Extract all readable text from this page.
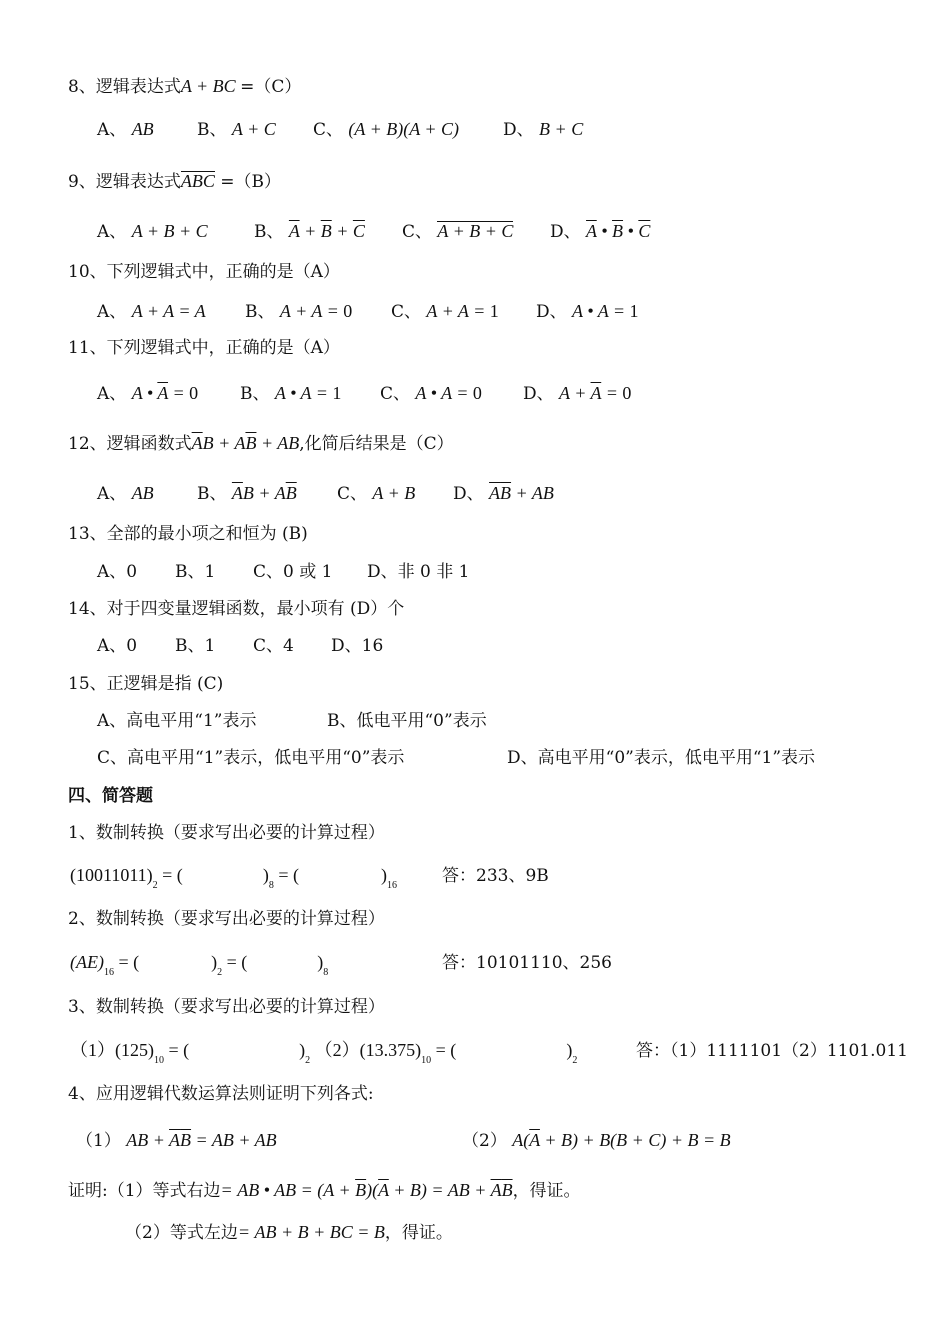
8、逻辑表达式A + BC =（C）
A、 AB	B、 A + C C、 (A + B)(A + C)	D、 B + C
9、逻辑表达式ABC =（B）
A、 A + B + C	B、 $\overline{A} + \overline{B} + \overline{C}$ C、 A + B + C D、 $\overline{A}$ • $\overline{B}$ • $\overline{C}$
10、下列逻辑式中，正确的是（A）
A、 A + A = A B、 A + A = 0 C、 A + A = 1 D、 A • A = 1
11、下列逻辑式中，正确的是（A）
A、 A • $\overline{A} = 0$ B、 A • A = 1 C、 A • A = 0 D、 $A + \overline{A} = 0$
12、逻辑函数式$\overline{A}B + A\overline{B}$ + AB,化简后结果是（C）
A、 AB	B、 $\overline{A}B + A\overline{B}$ C、 A + B D、 $\overline{A}\overline{B}$ + AB
13、全部的最小项之和恒为 (B)
A、0 B、1 C、0 或 1 D、非 0 非 1
14、对于四变量逻辑函数，最小项有 (D）个
A、0 B、1 C、4 D、16
15、正逻辑是指 (C)
A、高电平用“1”表示	B、低电平用“0”表示
C、高电平用“1”表示，低电平用“0”表示	D、高电平用“0”表示，低电平用“1”表示
四、简答题
1、数制转换（要求写出必要的计算过程）
$(10011011)_2$ = (	)$_8$ = (	)$_{16}$	答：233、9B
2、数制转换（要求写出必要的计算过程）
$(AE)_{16}$ = (	)$_2$ = (	)$_8$	答：10101110、256
3、数制转换（要求写出必要的计算过程）
$(1)(125)_{10}$ = (	)$_2$ $(2)(13.375)_{10}$ = (	)$_2$	答：（1）1111101（2）1101.011
4、应用逻辑代数运算法则证明下列各式:
（1） AB + $\overline{A}\overline{B}$ = AB + AB	（2） $A(\overline{A} + B) + B(B + C) + B = B$
证明:（1）等式右边= AB • AB = $(A + \overline{B})(\overline{A} + B)$ = AB + $\overline{A}\overline{B}$，得证。
（2）等式左边= AB + B + BC = B，得证。
